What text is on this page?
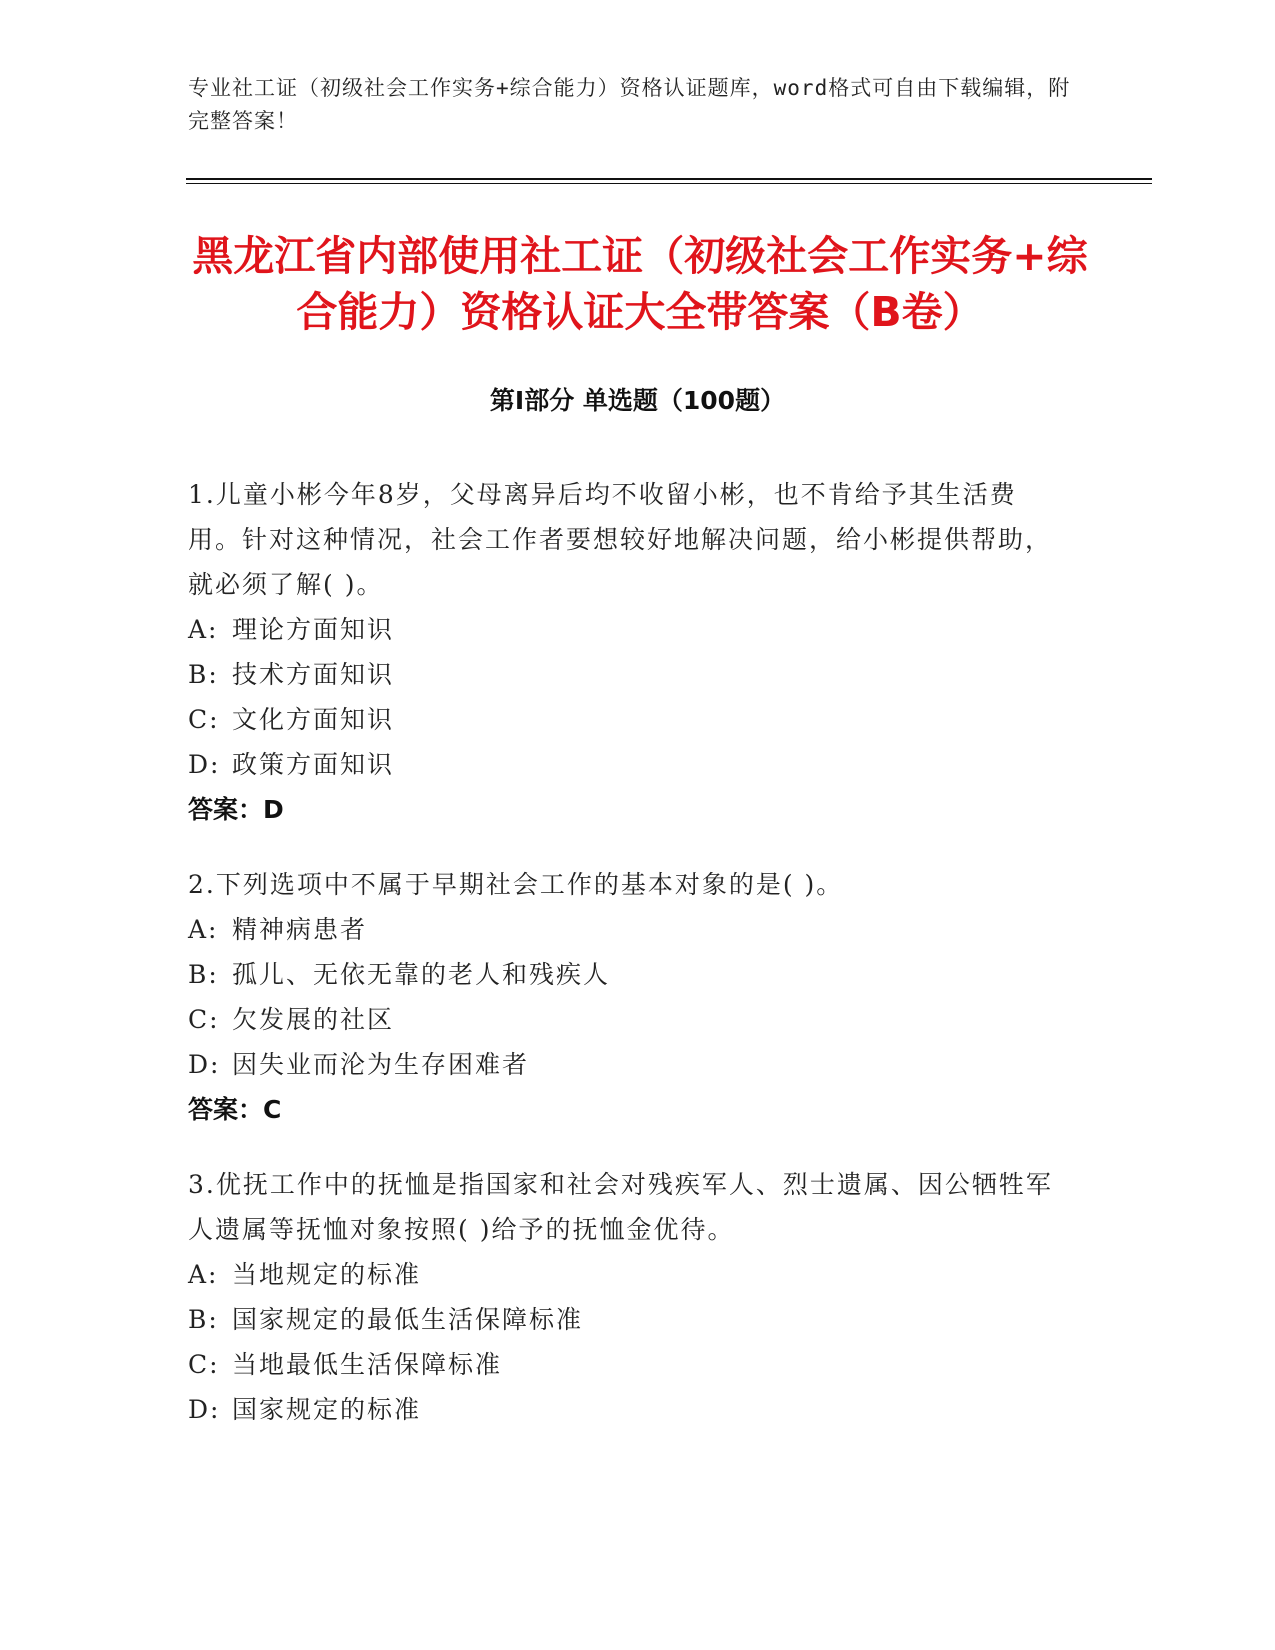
专业社工证（初级社会工作实务+综合能力）资格认证题库，word格式可自由下载编辑，附完整答案！
黑龙江省内部使用社工证（初级社会工作实务+综合能力）资格认证大全带答案（B卷）
第Ⅰ部分 单选题（100题）
1.儿童小彬今年8岁，父母离异后均不收留小彬，也不肯给予其生活费用。针对这种情况，社会工作者要想较好地解决问题，给小彬提供帮助，就必须了解( )。
A: 理论方面知识
B: 技术方面知识
C: 文化方面知识
D: 政策方面知识
答案：D
2.下列选项中不属于早期社会工作的基本对象的是( )。
A: 精神病患者
B: 孤儿、无依无靠的老人和残疾人
C: 欠发展的社区
D: 因失业而沦为生存困难者
答案：C
3.优抚工作中的抚恤是指国家和社会对残疾军人、烈士遗属、因公牺牲军人遗属等抚恤对象按照( )给予的抚恤金优待。
A: 当地规定的标准
B: 国家规定的最低生活保障标准
C: 当地最低生活保障标准
D: 国家规定的标准
